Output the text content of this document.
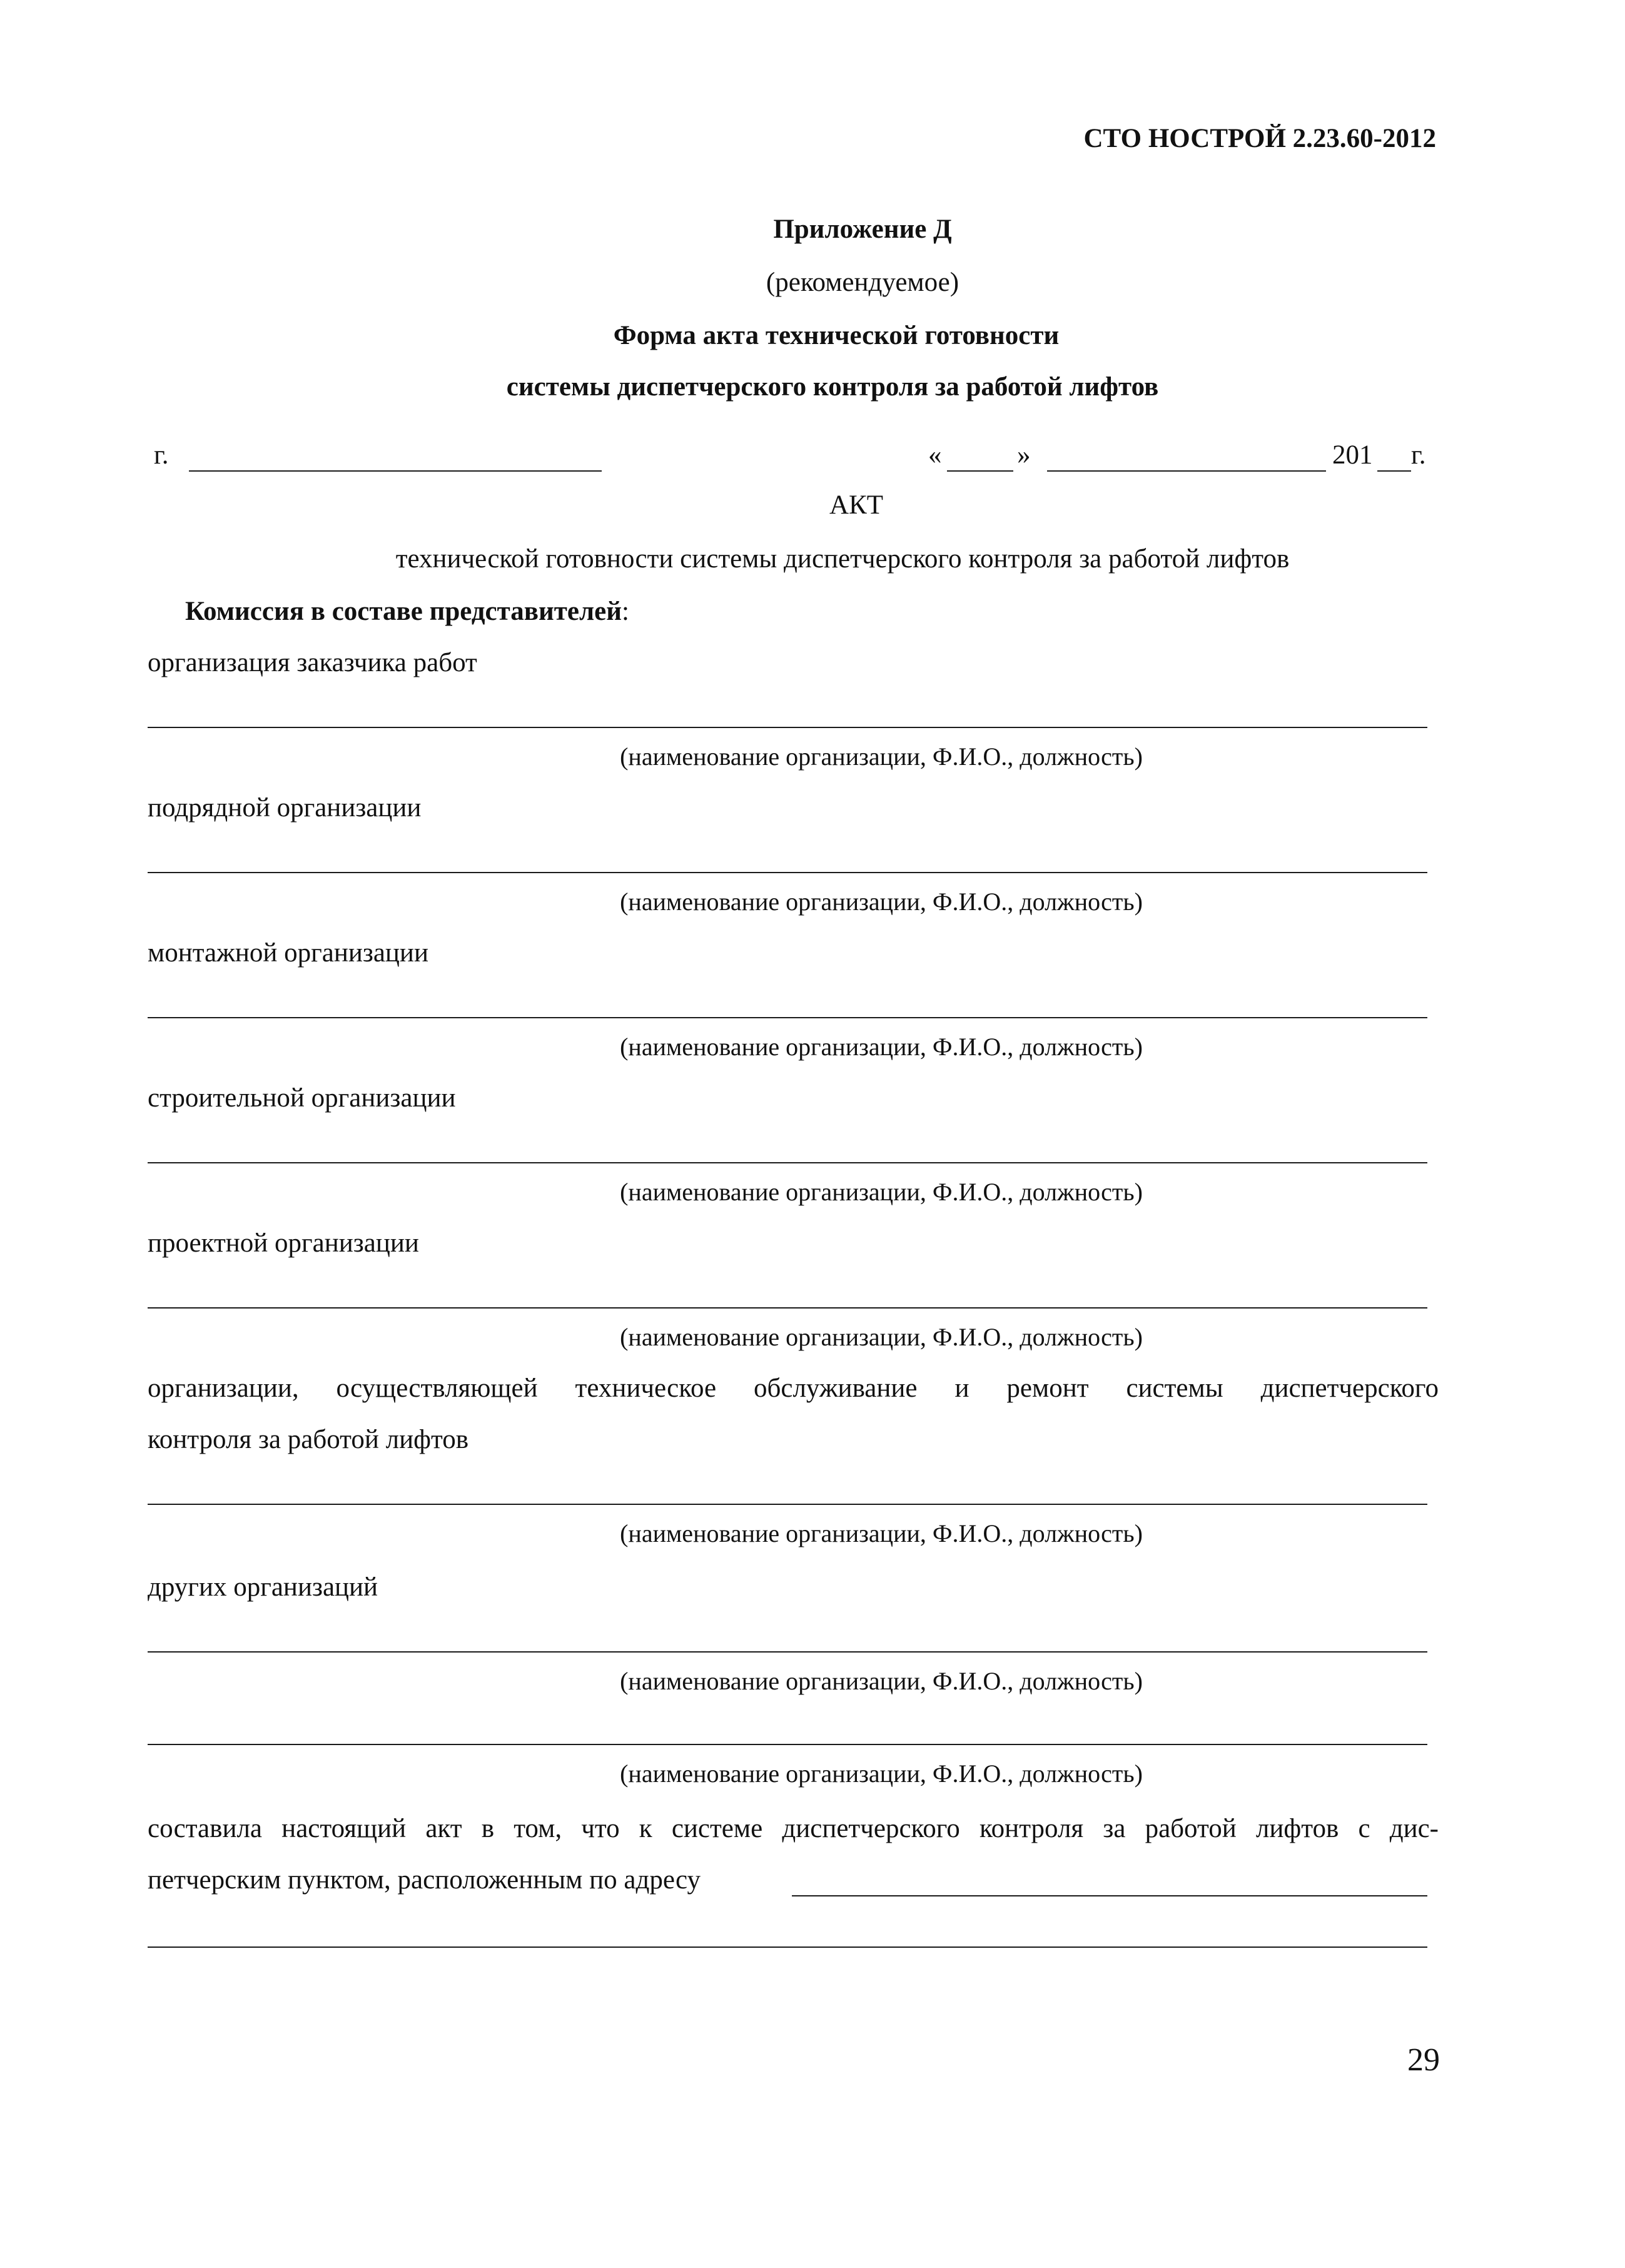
СТО НОСТРОЙ 2.23.60-2012
Приложение Д
(рекомендуемое)
Форма акта технической готовности
системы диспетчерского контроля за работой лифтов
г.	«	»	201 г.
АКТ
технической готовности системы диспетчерского контроля за работой лифтов
Комиссия в составе представителей:
организация заказчика работ
(наименование организации, Ф.И.О., должность)
подрядной организации
(наименование организации, Ф.И.О., должность)
монтажной организации
(наименование организации, Ф.И.О., должность)
строительной организации
(наименование организации, Ф.И.О., должность)
проектной организации
(наименование организации, Ф.И.О., должность)
организации, осуществляющей техническое обслуживание и ремонт системы диспетчерского
контроля за работой лифтов
(наименование организации, Ф.И.О., должность)
других организаций
(наименование организации, Ф.И.О., должность)
(наименование организации, Ф.И.О., должность)
составила настоящий акт в том, что к системе диспетчерского контроля за работой лифтов с дис-
петчерским пунктом, расположенным по адресу
29
